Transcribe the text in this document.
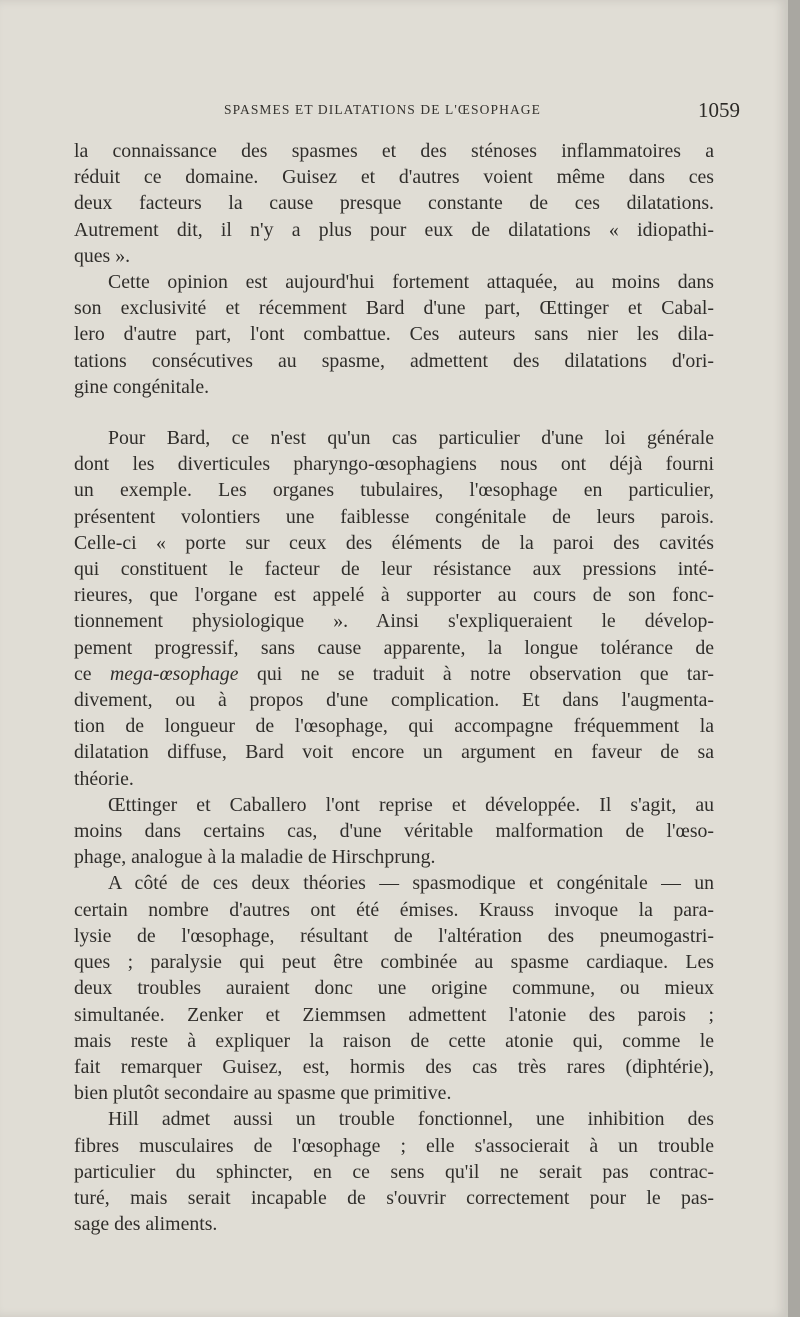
SPASMES ET DILATATIONS DE L'ŒSOPHAGE	1059

la connaissance des spasmes et des sténoses inflammatoires a
réduit ce domaine. Guisez et d'autres voient même dans ces
deux facteurs la cause presque constante de ces dilatations.
Autrement dit, il n'y a plus pour eux de dilatations « idiopathi-
ques ».

Cette opinion est aujourd'hui fortement attaquée, au moins dans
son exclusivité et récemment Bard d'une part, Œttinger et Cabal-
lero d'autre part, l'ont combattue. Ces auteurs sans nier les dila-
tations consécutives au spasme, admettent des dilatations d'ori-
gine congénitale.

Pour Bard, ce n'est qu'un cas particulier d'une loi générale
dont les diverticules pharyngo-œsophagiens nous ont déjà fourni
un exemple. Les organes tubulaires, l'œsophage en particulier,
présentent volontiers une faiblesse congénitale de leurs parois.
Celle-ci « porte sur ceux des éléments de la paroi des cavités
qui constituent le facteur de leur résistance aux pressions inté-
rieures, que l'organe est appelé à supporter au cours de son fonc-
tionnement physiologique ». Ainsi s'expliqueraient le dévelop-
pement progressif, sans cause apparente, la longue tolérance de
ce mega-œsophage qui ne se traduit à notre observation que tar-
divement, ou à propos d'une complication. Et dans l'augmenta-
tion de longueur de l'œsophage, qui accompagne fréquemment la
dilatation diffuse, Bard voit encore un argument en faveur de sa
théorie.

Œttinger et Caballero l'ont reprise et développée. Il s'agit, au
moins dans certains cas, d'une véritable malformation de l'œso-
phage, analogue à la maladie de Hirschprung.

A côté de ces deux théories — spasmodique et congénitale — un
certain nombre d'autres ont été émises. Krauss invoque la para-
lysie de l'œsophage, résultant de l'altération des pneumogastri-
ques ; paralysie qui peut être combinée au spasme cardiaque. Les
deux troubles auraient donc une origine commune, ou mieux
simultanée. Zenker et Ziemmsen admettent l'atonie des parois ;
mais reste à expliquer la raison de cette atonie qui, comme le
fait remarquer Guisez, est, hormis des cas très rares (diphtérie),
bien plutôt secondaire au spasme que primitive.

Hill admet aussi un trouble fonctionnel, une inhibition des
fibres musculaires de l'œsophage ; elle s'associerait à un trouble
particulier du sphincter, en ce sens qu'il ne serait pas contrac-
turé, mais serait incapable de s'ouvrir correctement pour le pas-
sage des aliments.
